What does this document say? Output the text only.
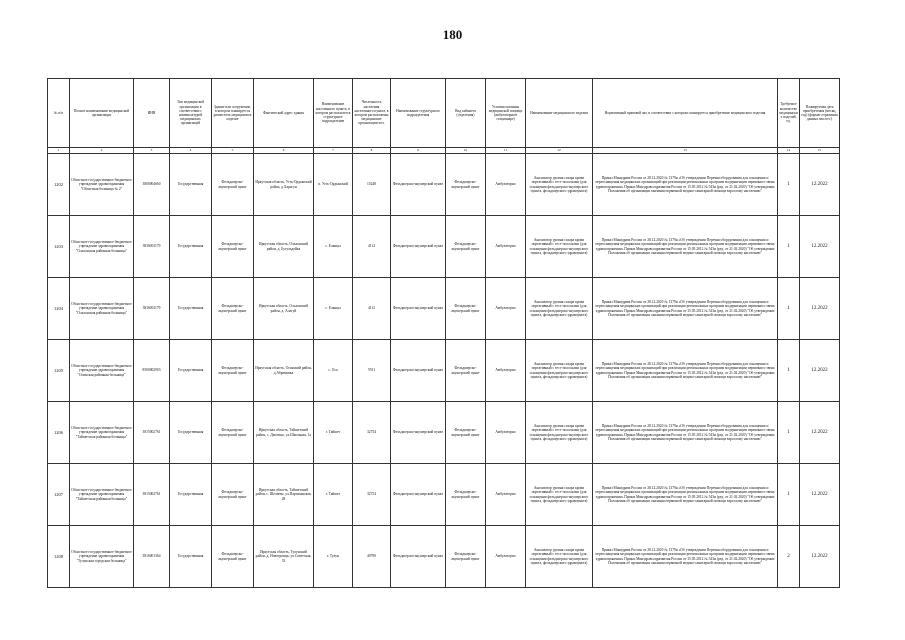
180
№ п/п	Полное наименование медицинской организации	ИНН	Тип медицинской организации в соответствии с номенклатурой медицинских организаций	Здание или сооружение, в котором планируется разместить медицинское изделие	Фактический адрес здания	Наименование населенного пункта, в котором располагается структурное подразделение	Численность населения населенного пункта, в котором расположены медицинские организации чел.	Наименование структурного подразделения	Вид кабинета (отделения)	Условия оказания медицинской помощи (амбулаторно/в стационаре)	Наименование медицинского изделия	Нормативный правовой акт, в соответствии с которым планируется приобретение медицинского изделия	Требуемое количество медицинских изделий, ед.	Планируемая дата приобретения (месяц, год) (формат отражения данных мм.гггг.)
1	2	3	4	5	6	7	8	9	10	11	12	13	14	15
1202	Областное государственное бюджетное учреждение здравоохранения "Областная больница № 2"	3800004660	Государственная	Фельдшерско-акушерский пункт	Иркутская область, Усть-Ордынский район, д.Харагун	п. Усть-Ордынский	15248	Фельдшерско-акушерский пункт	Фельдшерско-акушерский пункт	Амбулаторно	Анализатор уровня сахара крови портативный с тест-полосками (для оснащения фельдшерско-акушерского пункта, фельдшерского здравпункта)	Приказ Минздрава России от 28.12.2020 № 1379н «Об утверждении Перечня оборудования для оснащения и переоснащения медицинских организаций при реализации региональных программ модернизации первичного звена здравоохранения» Приказ Минздравсоцразвития России от 15.05.2012 № 543н (ред. от 21.02.2020) "Об утверждении Положения об организации оказания первичной медико-санитарной помощи взрослому населению"	1	12.2022
1203	Областное государственное бюджетное учреждение здравоохранения "Ольхонская районная больница"	3836001179	Государственная	Фельдшерско-акушерский пункт	Иркутская область, Ольхонский район, д. Бугульдейка	с. Еланцы	4112	Фельдшерско-акушерский пункт	Фельдшерско-акушерский пункт	Амбулаторно	Анализатор уровня сахара крови портативный с тест-полосками (для оснащения фельдшерско-акушерского пункта, фельдшерского здравпункта)	Приказ Минздрава России от 28.12.2020 № 1379н «Об утверждении Перечня оборудования для оснащения и переоснащения медицинских организаций при реализации региональных программ модернизации первичного звена здравоохранения» Приказ Минздравсоцразвития России от 15.05.2012 № 543н (ред. от 21.02.2020) "Об утверждении Положения об организации оказания первичной медико-санитарной помощи взрослому населению"	1	12.2022
1204	Областное государственное бюджетное учреждение здравоохранения "Ольхонская районная больница"	3836001179	Государственная	Фельдшерско-акушерский пункт	Иркутская область, Ольхонский район, д. Алагуй	с. Еланцы	4112	Фельдшерско-акушерский пункт	Фельдшерско-акушерский пункт	Амбулаторно	Анализатор уровня сахара крови портативный с тест-полосками (для оснащения фельдшерско-акушерского пункта, фельдшерского здравпункта)	Приказ Минздрава России от 28.12.2020 № 1379н «Об утверждении Перечня оборудования для оснащения и переоснащения медицинских организаций при реализации региональных программ модернизации первичного звена здравоохранения» Приказ Минздравсоцразвития России от 15.05.2012 № 543н (ред. от 21.02.2020) "Об утверждении Положения об организации оказания первичной медико-санитарной помощи взрослому населению"	1	12.2022
1205	Областное государственное бюджетное учреждение здравоохранения "Осинская районная больница"	8500002903	Государственная	Фельдшерско-акушерский пункт	Иркутская область, Осинский район, д.Абрамовка	с. Оса	5911	Фельдшерско-акушерский пункт	Фельдшерско-акушерский пункт	Амбулаторно	Анализатор уровня сахара крови портативный с тест-полосками (для оснащения фельдшерско-акушерского пункта, фельдшерского здравпункта)	Приказ Минздрава России от 28.12.2020 № 1379н «Об утверждении Перечня оборудования для оснащения и переоснащения медицинских организаций при реализации региональных программ модернизации первичного звена здравоохранения» Приказ Минздравсоцразвития России от 15.05.2012 № 543н (ред. от 21.02.2020) "Об утверждении Положения об организации оказания первичной медико-санитарной помощи взрослому населению"	1	12.2022
1206	Областное государственное бюджетное учреждение здравоохранения "Тайшетская районная больница"	3815002761	Государственная	Фельдшерско-акушерский пункт	Иркутская область, Тайшетский район, с. Джогино, ул.Школьная, 1а	г. Тайшет	32754	Фельдшерско-акушерский пункт	Фельдшерско-акушерский пункт	Амбулаторно	Анализатор уровня сахара крови портативный с тест-полосками (для оснащения фельдшерско-акушерского пункта, фельдшерского здравпункта)	Приказ Минздрава России от 28.12.2020 № 1379н «Об утверждении Перечня оборудования для оснащения и переоснащения медицинских организаций при реализации региональных программ модернизации первичного звена здравоохранения» Приказ Минздравсоцразвития России от 15.05.2012 № 543н (ред. от 21.02.2020) "Об утверждении Положения об организации оказания первичной медико-санитарной помощи взрослому населению"	1	12.2022
1207	Областное государственное бюджетное учреждение здравоохранения "Тайшетская районная больница"	3815002761	Государственная	Фельдшерско-акушерский пункт	Иркутская область, Тайшетский район, с. Шелаево, ул.Партизанская, 28	г. Тайшет	32754	Фельдшерско-акушерский пункт	Фельдшерско-акушерский пункт	Амбулаторно	Анализатор уровня сахара крови портативный с тест-полосками (для оснащения фельдшерско-акушерского пункта, фельдшерского здравпункта)	Приказ Минздрава России от 28.12.2020 № 1379н «Об утверждении Перечня оборудования для оснащения и переоснащения медицинских организаций при реализации региональных программ модернизации первичного звена здравоохранения» Приказ Минздравсоцразвития России от 15.05.2012 № 543н (ред. от 21.02.2020) "Об утверждении Положения об организации оказания первичной медико-санитарной помощи взрослому населению"	1	12.2022
1208	Областное государственное бюджетное учреждение здравоохранения "Тулунская городская больница"	3816001364	Государственная	Фельдшерско-акушерский пункт	Иркутская область, Тулунский район, д. Новотроицк, ул.Советская, 33	г. Тулун	40790	Фельдшерско-акушерский пункт	Фельдшерско-акушерский пункт	Амбулаторно	Анализатор уровня сахара крови портативный с тест-полосками (для оснащения фельдшерско-акушерского пункта, фельдшерского здравпункта)	Приказ Минздрава России от 28.12.2020 № 1379н «Об утверждении Перечня оборудования для оснащения и переоснащения медицинских организаций при реализации региональных программ модернизации первичного звена здравоохранения» Приказ Минздравсоцразвития России от 15.05.2012 № 543н (ред. от 21.02.2020) "Об утверждении Положения об организации оказания первичной медико-санитарной помощи взрослому населению"	2	12.2022
